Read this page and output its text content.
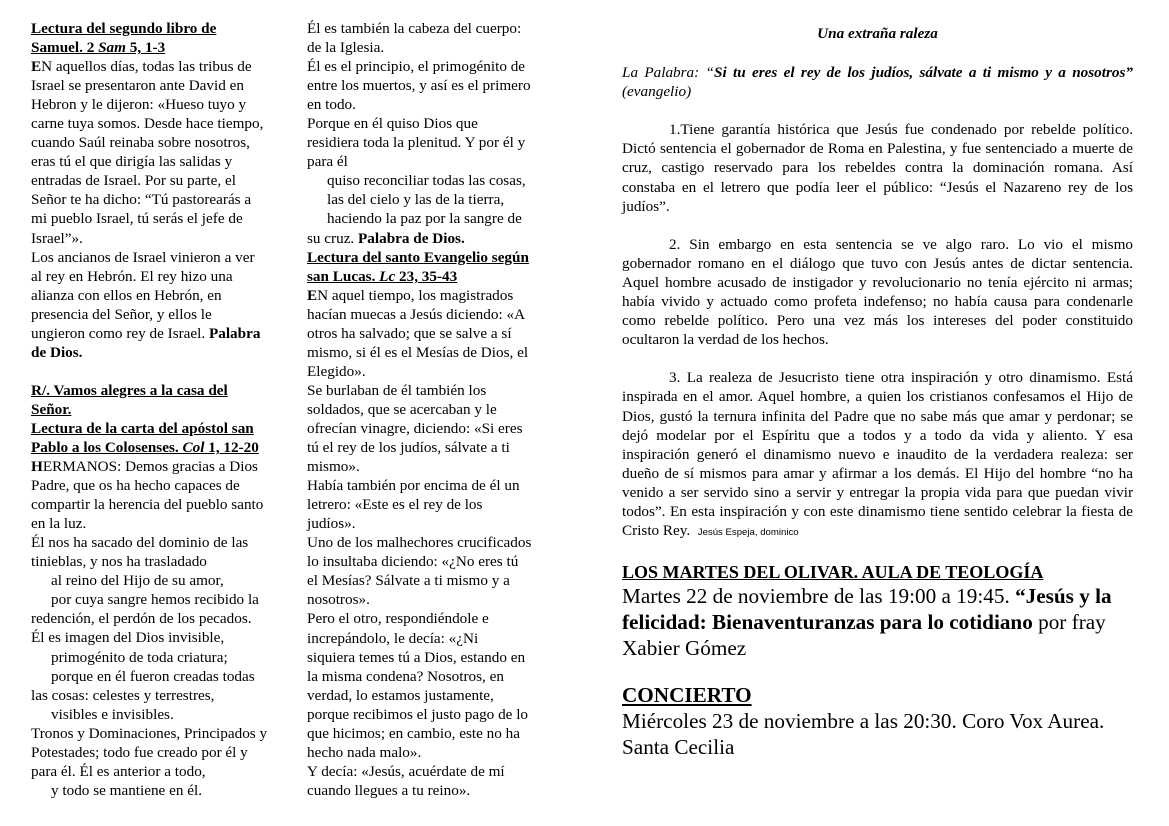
Lectura del segundo libro de
Samuel. 2 Sam 5, 1-3
EN aquellos días, todas las tribus de
Israel se presentaron ante David en
Hebron y le dijeron: «Hueso tuyo y
carne tuya somos. Desde hace tiempo,
cuando Saúl reinaba sobre nosotros,
eras tú el que dirigía las salidas y
entradas de Israel. Por su parte, el
Señor te ha dicho: “Tú pastorearás a
mi pueblo Israel, tú serás el jefe de
Israel”».
Los ancianos de Israel vinieron a ver
al rey en Hebrón. El rey hizo una
alianza con ellos en Hebrón, en
presencia del Señor, y ellos le
ungieron como rey de Israel. Palabra
de Dios.
R/. Vamos alegres a la casa del
Señor.
Lectura de la carta del apóstol san
Pablo a los Colosenses. Col 1, 12-20
HERMANOS: Demos gracias a Dios
Padre, que os ha hecho capaces de
compartir la herencia del pueblo santo
en la luz.
Él nos ha sacado del dominio de las
tinieblas, y nos ha trasladado
al reino del Hijo de su amor,
por cuya sangre hemos recibido la
redención, el perdón de los pecados.
Él es imagen del Dios invisible,
primogénito de toda criatura;
porque en él fueron creadas todas
las cosas: celestes y terrestres,
visibles e invisibles.
Tronos y Dominaciones, Principados y
Potestades; todo fue creado por él y
para él. Él es anterior a todo,
y todo se mantiene en él.
Él es también la cabeza del cuerpo:
de la Iglesia.
Él es el principio, el primogénito de
entre los muertos, y así es el primero
en todo.
Porque en él quiso Dios que
residiera toda la plenitud. Y por él y
para él
quiso reconciliar todas las cosas,
las del cielo y las de la tierra,
haciendo la paz por la sangre de
su cruz. Palabra de Dios.
Lectura del santo Evangelio según
san Lucas. Lc 23, 35-43
EN aquel tiempo, los magistrados
hacían muecas a Jesús diciendo: «A
otros ha salvado; que se salve a sí
mismo, si él es el Mesías de Dios, el
Elegido».
Se burlaban de él también los
soldados, que se acercaban y le
ofrecían vinagre, diciendo: «Si eres
tú el rey de los judíos, sálvate a ti
mismo».
Había también por encima de él un
letrero: «Este es el rey de los
judíos».
Uno de los malhechores crucificados
lo insultaba diciendo: «¿No eres tú
el Mesías? Sálvate a ti mismo y a
nosotros».
Pero el otro, respondiéndole e
increpándolo, le decía: «¿Ni
siquiera temes tú a Dios, estando en
la misma condena? Nosotros, en
verdad, lo estamos justamente,
porque recibimos el justo pago de lo
que hicimos; en cambio, este no ha
hecho nada malo».
Y decía: «Jesús, acuérdate de mí
cuando llegues a tu reino».
Una extraña raleza
La Palabra: “Si tu eres el rey de los judíos, sálvate a ti mismo y a nosotros” (evangelio)
1.Tiene garantía histórica que Jesús fue condenado por rebelde político. Dictó sentencia el gobernador de Roma en Palestina, y fue sentenciado a muerte de cruz, castigo reservado para los rebeldes contra la dominación romana. Así constaba en el letrero que podía leer el público: “Jesús el Nazareno rey de los judíos”.
2. Sin embargo en esta sentencia se ve algo raro. Lo vio el mismo gobernador romano en el diálogo que tuvo con Jesús antes de dictar sentencia. Aquel hombre acusado de instigador y revolucionario no tenía ejército ni armas; había vivido y actuado como profeta indefenso; no había causa para condenarle como rebelde político. Pero una vez más los intereses del poder constituido ocultaron la verdad de los hechos.
3. La realeza de Jesucristo tiene otra inspiración y otro dinamismo. Está inspirada en el amor. Aquel hombre, a quien los cristianos confesamos el Hijo de Dios, gustó la ternura infinita del Padre que no sabe más que amar y perdonar; se dejó modelar por el Espíritu que a todos y a todo da vida y aliento. Y esa inspiración generó el dinamismo nuevo e inaudito de la verdadera realeza: ser dueño de sí mismos para amar y afirmar a los demás. El Hijo del hombre “no ha venido a ser servido sino a servir y entregar la propia vida para que puedan vivir todos”. En esta inspiración y con este dinamismo tiene sentido celebrar la fiesta de Cristo Rey. Jesús Espeja, dominico
LOS MARTES DEL OLIVAR. AULA DE TEOLOGÍA
Martes 22 de noviembre de las 19:00 a 19:45. “Jesús y la felicidad: Bienaventuranzas para lo cotidiano por fray Xabier Gómez
CONCIERTO
Miércoles 23 de noviembre a las 20:30. Coro Vox Aurea. Santa Cecilia
